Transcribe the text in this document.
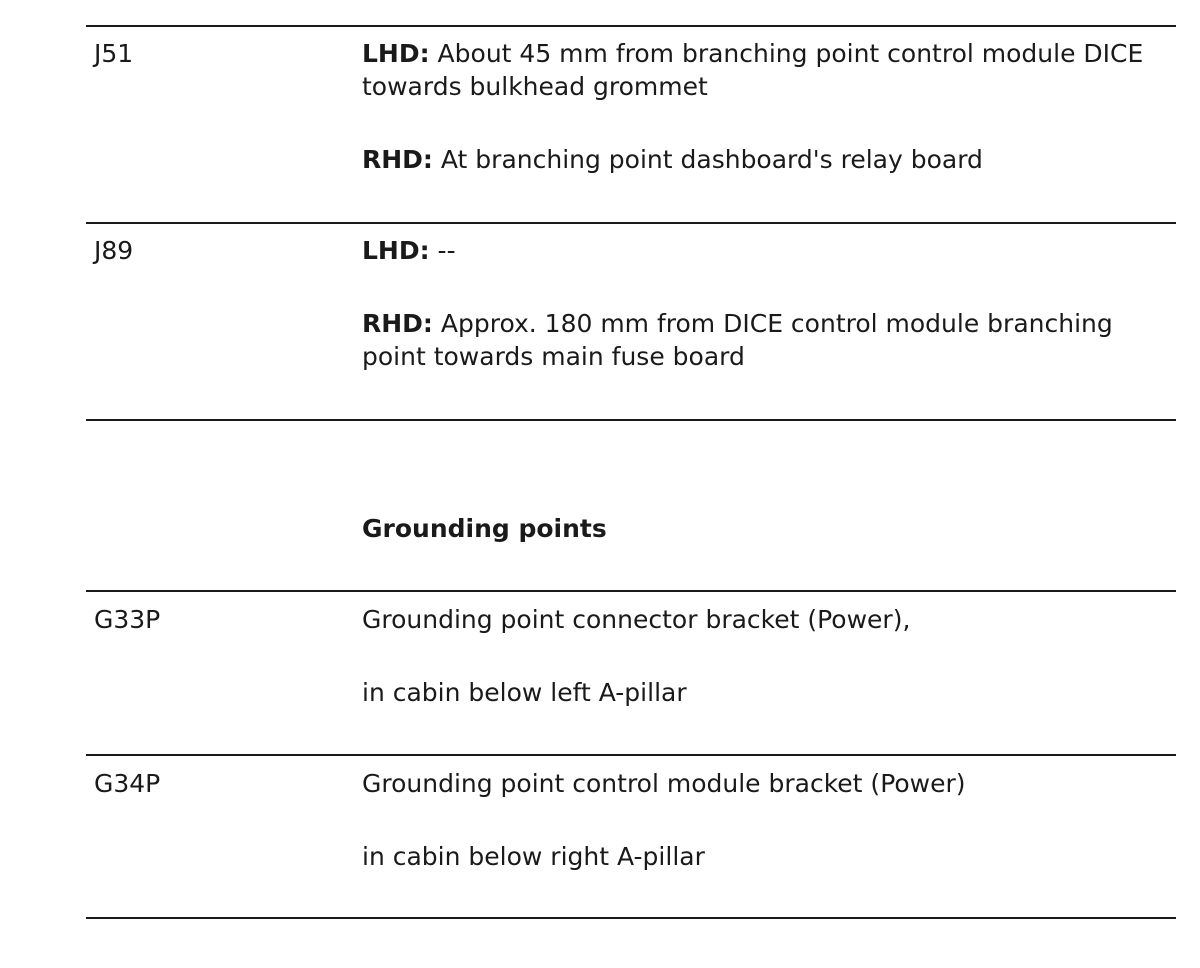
J51	LHD: About 45 mm from branching point control module DICE towards bulkhead grommet

RHD: At branching point dashboard's relay board

J89	LHD: --

RHD: Approx. 180 mm from DICE control module branching point towards main fuse board

Grounding points
G33P	Grounding point connector bracket (Power),

in cabin below left A-pillar

G34P	Grounding point control module bracket (Power)

in cabin below right A-pillar
